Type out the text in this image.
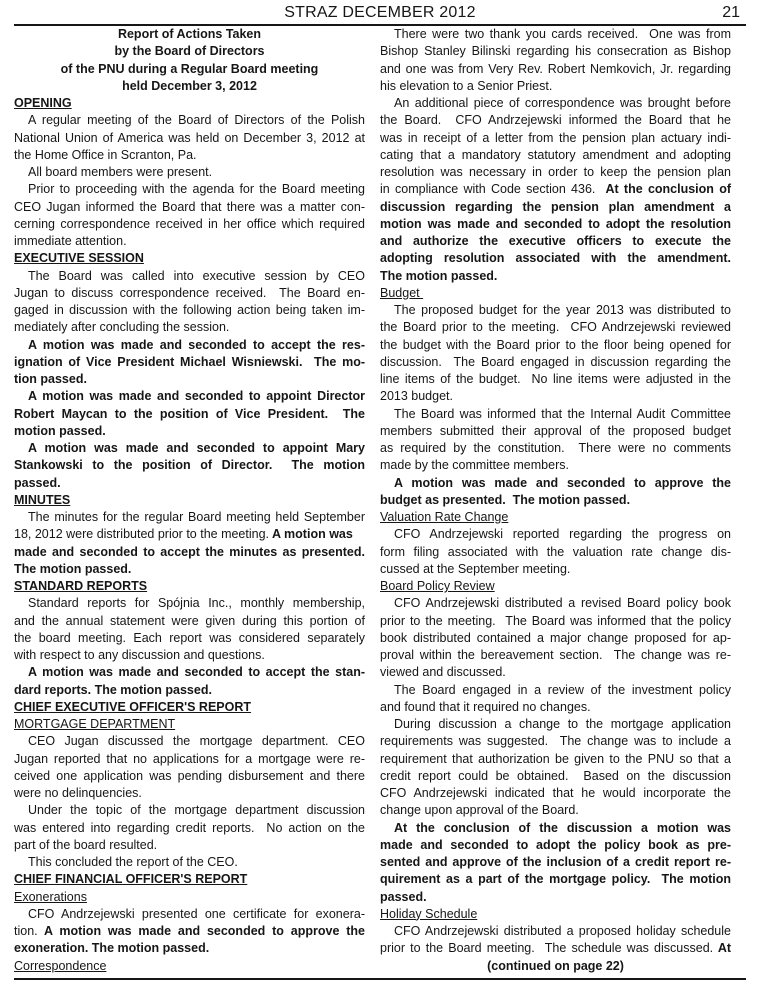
STRAZ DECEMBER 2012	21
Report of Actions Taken
by the Board of Directors
of the PNU during a Regular Board meeting
held December 3, 2012
OPENING
A regular meeting of the Board of Directors of the Polish
National Union of America was held on December 3, 2012 at
the Home Office in Scranton, Pa.
All board members were present.
Prior to proceeding with the agenda for the Board meeting
CEO Jugan informed the Board that there was a matter con-
cerning correspondence received in her office which required
immediate attention.
EXECUTIVE SESSION
The Board was called into executive session by CEO
Jugan to discuss correspondence received.  The Board en-
gaged in discussion with the following action being taken im-
mediately after concluding the session.
A motion was made and seconded to accept the res-
ignation of Vice President Michael Wisniewski.  The mo-
tion passed.
A motion was made and seconded to appoint Director
Robert Maycan to the position of Vice President.  The
motion passed.
A motion was made and seconded to appoint Mary
Stankowski to the position of Director.  The motion
passed.
MINUTES
The minutes for the regular Board meeting held September
18, 2012 were distributed prior to the meeting. A motion was
made and seconded to accept the minutes as presented.
The motion passed.
STANDARD REPORTS
Standard reports for Spójnia Inc., monthly membership,
and the annual statement were given during this portion of
the board meeting. Each report was considered separately
with respect to any discussion and questions.
A motion was made and seconded to accept the stan-
dard reports. The motion passed.
CHIEF EXECUTIVE OFFICER'S REPORT
MORTGAGE DEPARTMENT
CEO Jugan discussed the mortgage department. CEO
Jugan reported that no applications for a mortgage were re-
ceived one application was pending disbursement and there
were no delinquencies.
Under the topic of the mortgage department discussion
was entered into regarding credit reports.  No action on the
part of the board resulted.
This concluded the report of the CEO.
CHIEF FINANCIAL OFFICER'S REPORT
Exonerations
CFO Andrzejewski presented one certificate for exonera-
tion. A motion was made and seconded to approve the
exoneration. The motion passed.
Correspondence
There were two thank you cards received.  One was from
Bishop Stanley Bilinski regarding his consecration as Bishop
and one was from Very Rev. Robert Nemkovich, Jr. regarding
his elevation to a Senior Priest.
An additional piece of correspondence was brought before
the Board.  CFO Andrzejewski informed the Board that he
was in receipt of a letter from the pension plan actuary indi-
cating that a mandatory statutory amendment and adopting
resolution was necessary in order to keep the pension plan
in compliance with Code section 436.  At the conclusion of
discussion regarding the pension plan amendment a
motion was made and seconded to adopt the resolution
and authorize the executive officers to execute the
adopting resolution associated with the amendment.
The motion passed.
Budget
The proposed budget for the year 2013 was distributed to
the Board prior to the meeting.  CFO Andrzejewski reviewed
the budget with the Board prior to the floor being opened for
discussion.  The Board engaged in discussion regarding the
line items of the budget.  No line items were adjusted in the
2013 budget.
The Board was informed that the Internal Audit Committee
members submitted their approval of the proposed budget
as required by the constitution.  There were no comments
made by the committee members.
A motion was made and seconded to approve the
budget as presented.  The motion passed.
Valuation Rate Change
CFO Andrzejewski reported regarding the progress on
form filing associated with the valuation rate change dis-
cussed at the September meeting.
Board Policy Review
CFO Andrzejewski distributed a revised Board policy book
prior to the meeting.  The Board was informed that the policy
book distributed contained a major change proposed for ap-
proval within the bereavement section.  The change was re-
viewed and discussed.
The Board engaged in a review of the investment policy
and found that it required no changes.
During discussion a change to the mortgage application
requirements was suggested.  The change was to include a
requirement that authorization be given to the PNU so that a
credit report could be obtained.  Based on the discussion
CFO Andrzejewski indicated that he would incorporate the
change upon approval of the Board.
At the conclusion of the discussion a motion was
made and seconded to adopt the policy book as pre-
sented and approve of the inclusion of a credit report re-
quirement as a part of the mortgage policy.  The motion
passed.
Holiday Schedule
CFO Andrzejewski distributed a proposed holiday schedule
prior to the Board meeting.  The schedule was discussed. At
(continued on page 22)
